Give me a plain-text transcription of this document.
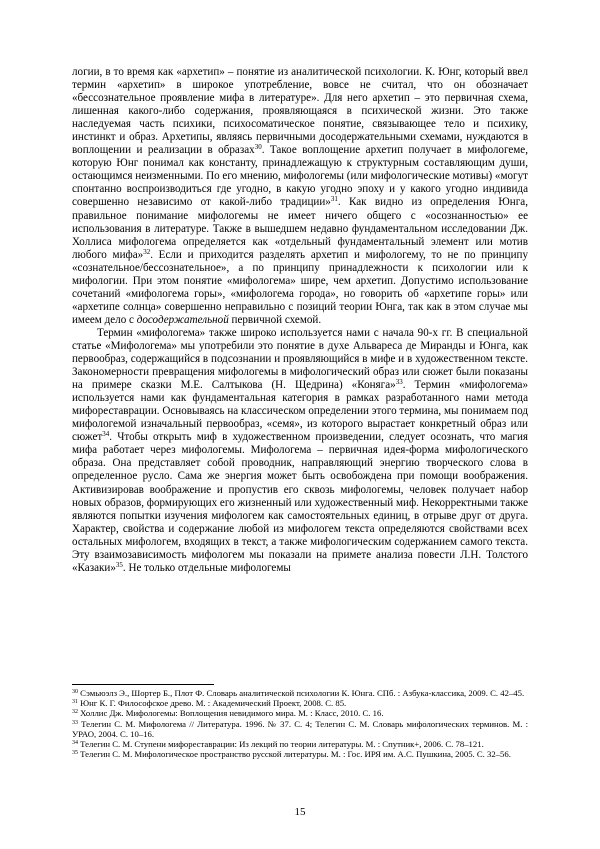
логии, в то время как «архетип» – понятие из аналитической психологии. К. Юнг, который ввел термин «архетип» в широкое употребление, вовсе не считал, что он обозначает «бессознательное проявление мифа в литературе». Для него архетип – это первичная схема, лишенная какого-либо содержания, проявляющаяся в психической жизни. Это также наследуемая часть психики, психосоматическое понятие, связывающее тело и психику, инстинкт и образ. Архетипы, являясь первичными досодержательными схемами, нуждаются в воплощении и реализации в образах$^{30}$. Такое воплощение архетип получает в мифологеме, которую Юнг понимал как константу, принадлежащую к структурным составляющим души, остающимся неизменными. По его мнению, мифологемы (или мифологические мотивы) «могут спонтанно воспроизводиться где угодно, в какую угодно эпоху и у какого угодно индивида совершенно независимо от какой-либо традиции»$^{31}$. Как видно из определения Юнга, правильное понимание мифологемы не имеет ничего общего с «осознанностью» ее использования в литературе. Также в вышедшем недавно фундаментальном исследовании Дж. Холлиса мифологема определяется как «отдельный фундаментальный элемент или мотив любого мифа»$^{32}$. Если и приходится разделять архетип и мифологему, то не по принципу «сознательное/бессознательное», а по принципу принадлежности к психологии или к мифологии. При этом понятие «мифологема» шире, чем архетип. Допустимо использование сочетаний «мифологема горы», «мифологема города», но говорить об «архетипе горы» или «архетипе солнца» совершенно неправильно с позиций теории Юнга, так как в этом случае мы имеем дело с досодержательной первичной схемой.

Термин «мифологема» также широко используется нами с начала 90-х гг. В специальной статье «Мифологема» мы употребили это понятие в духе Альвареса де Миранды и Юнга, как первообраз, содержащийся в подсознании и проявляющийся в мифе и в художественном тексте. Закономерности превращения мифологемы в мифологический образ или сюжет были показаны на примере сказки М.Е. Салтыкова (Н. Щедрина) «Коняга»$^{33}$. Термин «мифологема» используется нами как фундаментальная категория в рамках разработанного нами метода мифореставрации. Основываясь на классическом определении этого термина, мы понимаем под мифологемой изначальный первообраз, «семя», из которого вырастает конкретный образ или сюжет$^{34}$. Чтобы открыть миф в художественном произведении, следует осознать, что магия мифа работает через мифологемы. Мифологема – первичная идея-форма мифологического образа. Она представляет собой проводник, направляющий энергию творческого слова в определенное русло. Сама же энергия может быть освобождена при помощи воображения. Активизировав воображение и пропустив его сквозь мифологемы, человек получает набор новых образов, формирующих его жизненный или художественный миф. Некорректными также являются попытки изучения мифологем как самостоятельных единиц, в отрыве друг от друга. Характер, свойства и содержание любой из мифологем текста определяются свойствами всех остальных мифологем, входящих в текст, а также мифологическим содержанием самого текста. Эту взаимозависимость мифологем мы показали на примете анализа повести Л.Н. Толстого «Казаки»$^{35}$. Не только отдельные мифологемы

$^{30}$ Сэмьюэлз Э., Шортер Б., Плот Ф. Словарь аналитической психологии К. Юнга. СПб. : Азбука-классика, 2009. С. 42–45.
$^{31}$ Юнг К. Г. Философское древо. М. : Академический Проект, 2008. С. 85.
$^{32}$ Холлис Дж. Мифологемы: Воплощения невидимого мира. М. : Класс, 2010. С. 16.
$^{33}$ Телегин С. М. Мифологема // Литература. 1996. № 37. С. 4; Телегин С. М. Словарь мифологических терминов. М. : УРАО, 2004. С. 10–16.
$^{34}$ Телегин С. М. Ступени мифореставрации: Из лекций по теории литературы. М. : Спутник+, 2006. С. 78–121.
$^{35}$ Телегин С. М. Мифологическое пространство русской литературы. М. : Гос. ИРЯ им. А.С. Пушкина, 2005. С. 32–56.
15
